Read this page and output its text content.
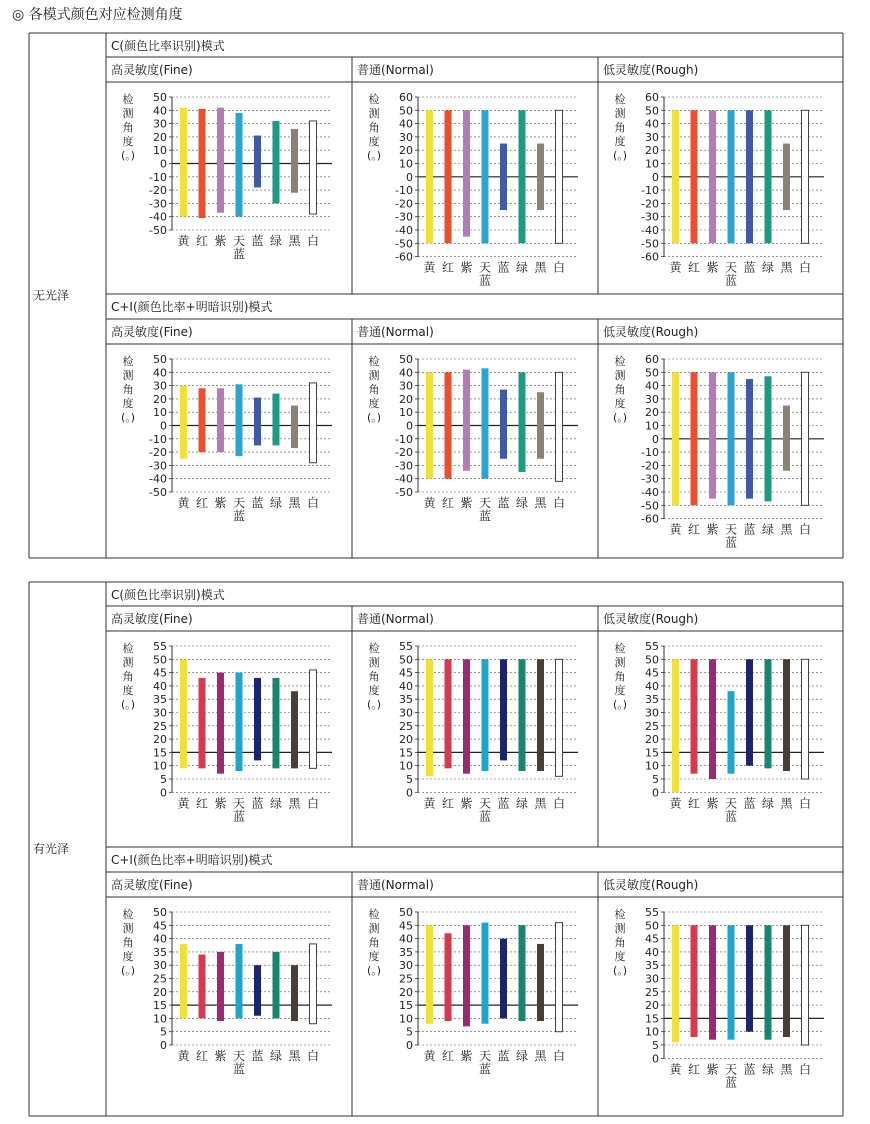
◎ 各模式颜色对应检测角度
无光泽
C(颜色比率识别)模式
高灵敏度(Fine)
检
测
角
度
(。)
50
40
30
20
10
0
-10
-20
-30
-40
-50
黄 红 紫 天
蓝
蓝 绿 黑 白
普通(Normal)
检
测
角
度
(。)
60
50
40
30
20
10
0
-10
-20
-30
-40
-50
-60
黄 红 紫 天
蓝
蓝 绿 黑 白
低灵敏度(Rough)
检
测
角
度
(。)
60
50
40
30
20
10
0
-10
-20
-30
-40
-50
-60
黄 红 紫 天
蓝
蓝 绿 黑 白
C+I(颜色比率+明暗识别)模式
高灵敏度(Fine)
检
测
角
度
(。)
50
40
30
20
10
0
-10
-20
-30
-40
-50
黄 红 紫 天
蓝
蓝 绿 黑 白
普通(Normal)
检
测
角
度
(。)
50
40
30
20
10
0
-10
-20
-30
-40
-50
黄 红 紫 天
蓝
蓝 绿 黑 白
低灵敏度(Rough)
检
测
角
度
(。)
60
50
40
30
20
10
0
-10
-20
-30
-40
-50
-60
黄 红 紫 天
蓝
蓝 绿 黑 白
有光泽
C(颜色比率识别)模式
高灵敏度(Fine)
检
测
角
度
(。)
55
50
45
40
35
30
25
20
15
10
5
0
黄 红 紫 天
蓝
蓝 绿 黑 白
普通(Normal)
检
测
角
度
(。)
55
50
45
40
35
30
25
20
15
10
5
0
黄 红 紫 天
蓝
蓝 绿 黑 白
低灵敏度(Rough)
检
测
角
度
(。)
55
50
45
40
35
30
25
20
15
10
5
0
黄 红 紫 天
蓝
蓝 绿 黑 白
C+I(颜色比率+明暗识别)模式
高灵敏度(Fine)
检
测
角
度
(。)
50
45
40
35
30
25
20
15
10
5
0
黄 红 紫 天
蓝
蓝 绿 黑 白
普通(Normal)
检
测
角
度
(。)
50
45
40
35
30
25
20
15
10
5
0
黄 红 紫 天
蓝
蓝 绿 黑 白
低灵敏度(Rough)
检
测
角
度
(。)
55
50
45
40
35
30
25
20
15
10
5
0
黄 红 紫 天
蓝
蓝 绿 黑 白
